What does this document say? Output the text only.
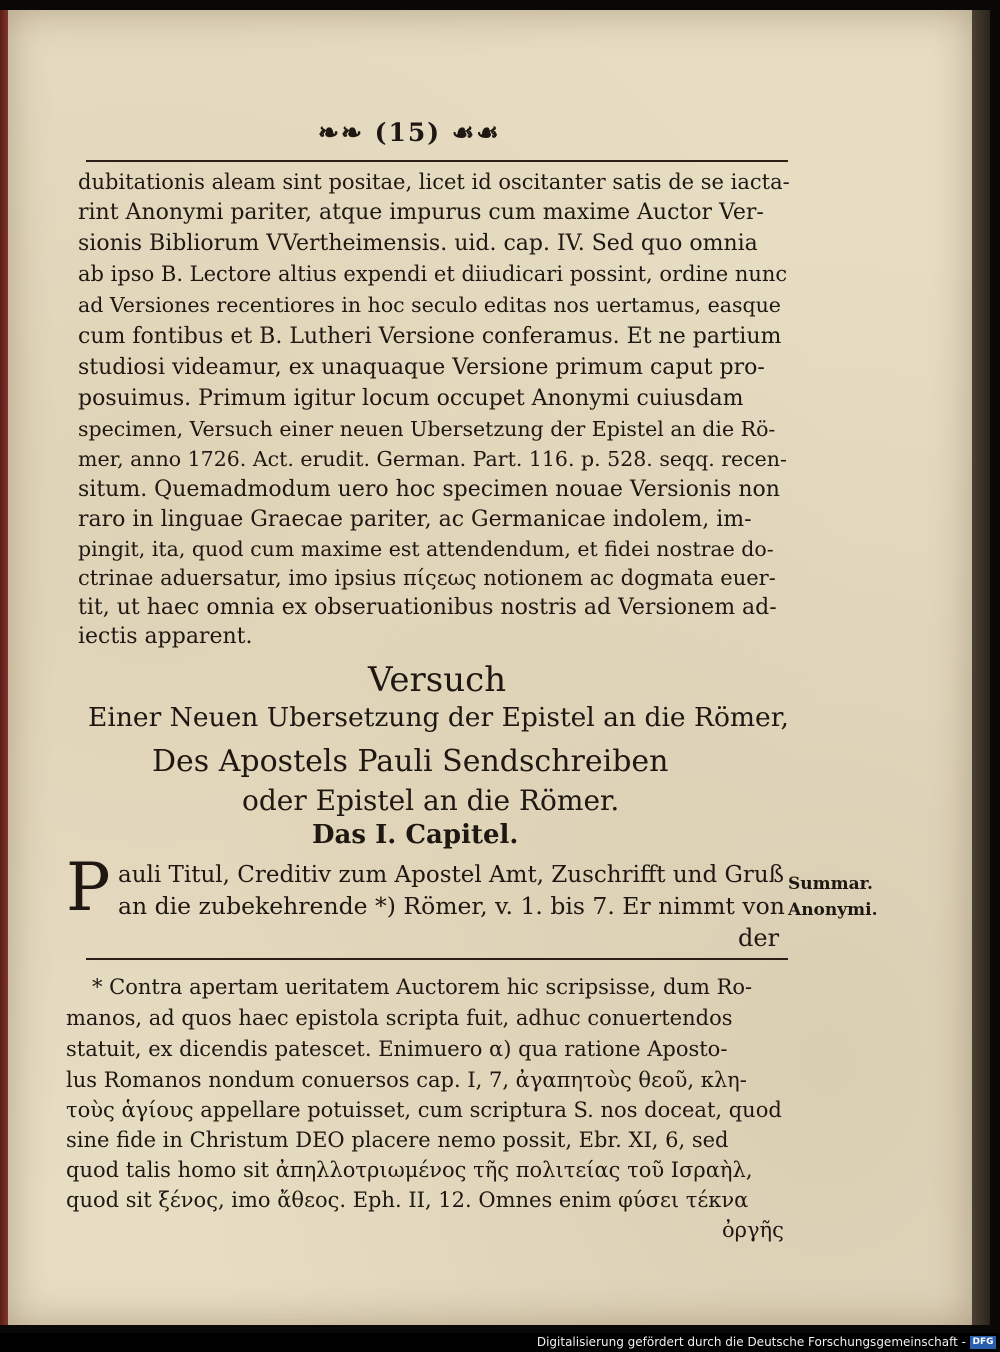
❧❧ (15) ☙☙
dubitationis aleam sint positae, licet id oscitanter satis de se iacta-
rint Anonymi pariter, atque impurus cum maxime Auctor Ver-
sionis Bibliorum VVertheimensis. uid. cap. IV. Sed quo omnia
ab ipso B. Lectore altius expendi et diiudicari possint, ordine nunc
ad Versiones recentiores in hoc seculo editas nos uertamus, easque
cum fontibus et B. Lutheri Versione conferamus. Et ne partium
studiosi videamur, ex unaquaque Versione primum caput pro-
posuimus. Primum igitur locum occupet Anonymi cuiusdam
specimen, Versuch einer neuen Ubersetzung der Epistel an die Rö-
mer, anno 1726. Act. erudit. German. Part. 116. p. 528. seqq. recen-
situm. Quemadmodum uero hoc specimen nouae Versionis non
raro in linguae Graecae pariter, ac Germanicae indolem, im-
pingit, ita, quod cum maxime est attendendum, et fidei nostrae do-
ctrinae aduersatur, imo ipsius πίςεως notionem ac dogmata euer-
tit, ut haec omnia ex obseruationibus nostris ad Versionem ad-
iectis apparent.
Versuch
Einer Neuen Ubersetzung der Epistel an die Römer,
Des Apostels Pauli Sendschreiben
oder Epistel an die Römer.
Das I. Capitel.
P auli Titul, Creditiv zum Apostel Amt, Zuschrifft und Gruß
an die zubekehrende *) Römer, v. 1. bis 7. Er nimmt von
der
Summar.
Anonymi.
* Contra apertam ueritatem Auctorem hic scripsisse, dum Ro-
manos, ad quos haec epistola scripta fuit, adhuc conuertendos
statuit, ex dicendis patescet. Enimuero α) qua ratione Aposto-
lus Romanos nondum conuersos cap. I, 7, ἀγαπητοὺς θεοῦ, κλη-
τοὺς ἁγίους appellare potuisset, cum scriptura S. nos doceat, quod
sine fide in Christum DEO placere nemo possit, Ebr. XI, 6, sed
quod talis homo sit ἀπηλλοτριωμένος τῆς πολιτείας τοῦ Ισραὴλ,
quod sit ξένος, imo ἄθεος. Eph. II, 12. Omnes enim φύσει τέκνα
ὀργῆς
Digitalisierung gefördert durch die Deutsche Forschungsgemeinschaft - DFG
